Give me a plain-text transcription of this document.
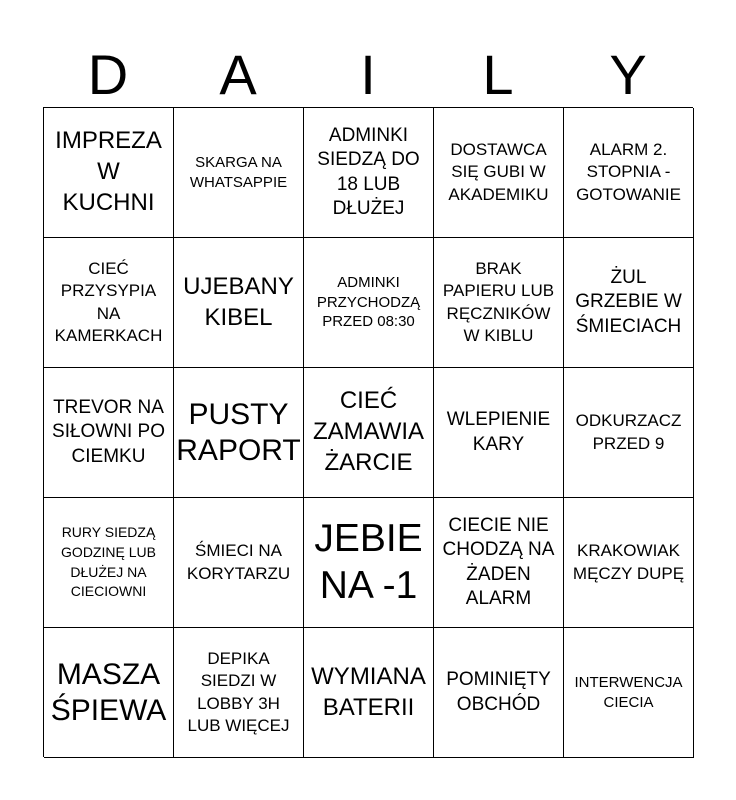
D	A	I	L	Y
IMPREZA W KUCHNI
SKARGA NA WHATSAPPIE
ADMINKI SIEDZĄ DO 18 LUB DŁUŻEJ
DOSTAWCA SIĘ GUBI W AKADEMIKU
ALARM 2. STOPNIA - GOTOWANIE
CIEĆ PRZYSYPIA NA KAMERKACH
UJEBANY KIBEL
ADMINKI PRZYCHODZĄ PRZED 08:30
BRAK PAPIERU LUB RĘCZNIKÓW W KIBLU
ŻUL GRZEBIE W ŚMIECIACH
TREVOR NA SIŁOWNI PO CIEMKU
PUSTY RAPORT
CIEĆ ZAMAWIA ŻARCIE
WLEPIENIE KARY
ODKURZACZ PRZED 9
RURY SIEDZĄ GODZINĘ LUB DŁUŻEJ NA CIECIOWNI
ŚMIECI NA KORYTARZU
JEBIE NA -1
CIECIE NIE CHODZĄ NA ŻADEN ALARM
KRAKOWIAK MĘCZY DUPĘ
MASZA ŚPIEWA
DEPIKA SIEDZI W LOBBY 3H LUB WIĘCEJ
WYMIANA BATERII
POMINIĘTY OBCHÓD
INTERWENCJA CIECIA
